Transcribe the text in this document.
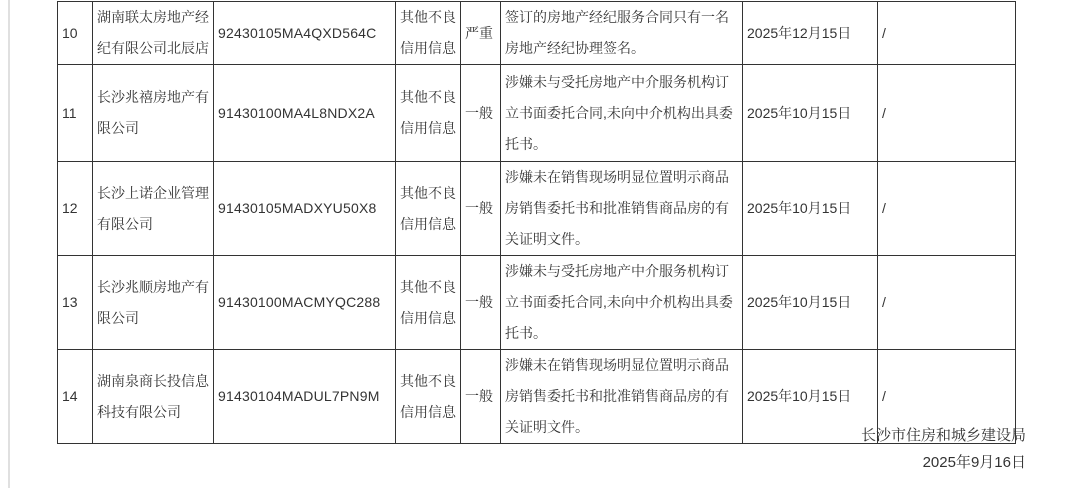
10	湖南联太房地产经纪有限公司北辰店	92430105MA4QXD564C	其他不良信用信息	严重	签订的房地产经纪服务合同只有一名房地产经纪协理签名。	2025年12月15日	/
11	长沙兆禧房地产有限公司	91430100MA4L8NDX2A	其他不良信用信息	一般	涉嫌未与受托房地产中介服务机构订立书面委托合同,未向中介机构出具委托书。	2025年10月15日	/
12	长沙上诺企业管理有限公司	91430105MADXYU50X8	其他不良信用信息	一般	涉嫌未在销售现场明显位置明示商品房销售委托书和批准销售商品房的有关证明文件。	2025年10月15日	/
13	长沙兆顺房地产有限公司	91430100MACMYQC288	其他不良信用信息	一般	涉嫌未与受托房地产中介服务机构订立书面委托合同,未向中介机构出具委托书。	2025年10月15日	/
14	湖南泉商长投信息科技有限公司	91430104MADUL7PN9M	其他不良信用信息	一般	涉嫌未在销售现场明显位置明示商品房销售委托书和批准销售商品房的有关证明文件。	2025年10月15日	/
长沙市住房和城乡建设局
2025年9月16日
